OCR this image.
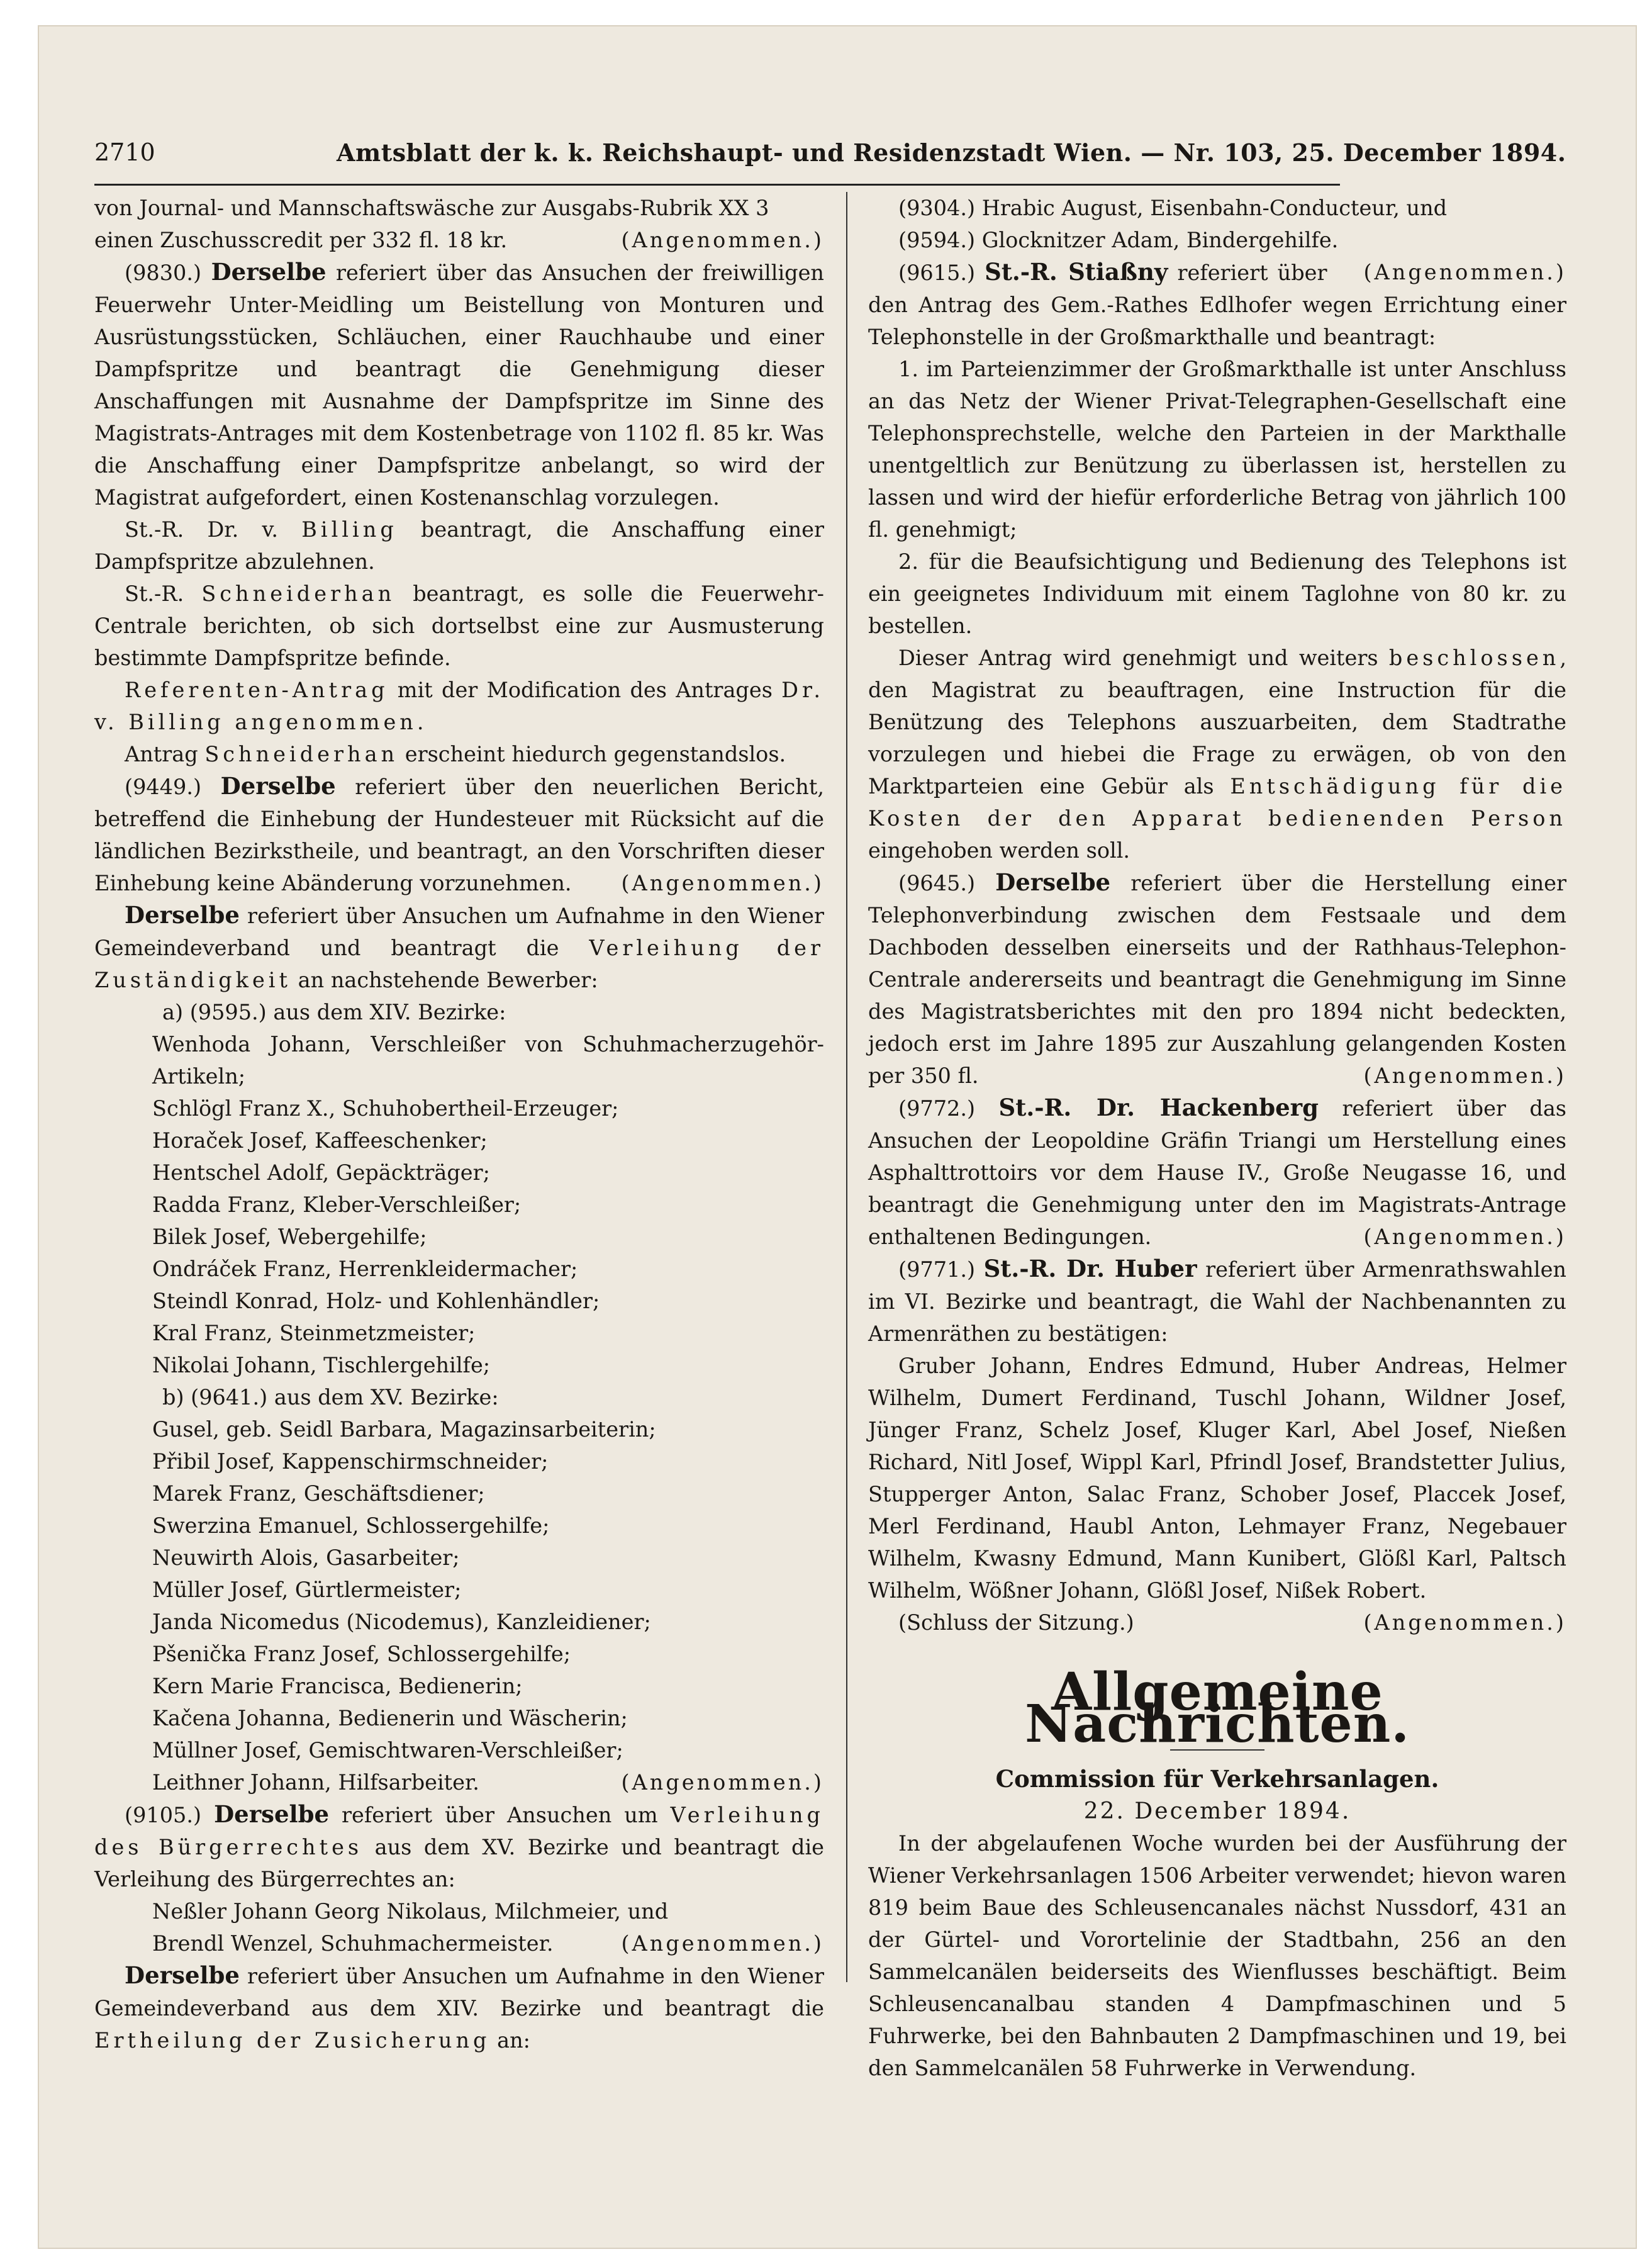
2710	Amtsblatt der k. k. Reichshaupt- und Residenzstadt Wien. — Nr. 103, 25. December 1894.

von Journal- und Mannschaftswäsche zur Ausgabs-Rubrik XX 3

einen Zuschusscredit per 332 fl. 18 kr.	(Angenommen.)

(9830.) Derselbe referiert über das Ansuchen der freiwilligen Feuerwehr Unter-Meidling um Beistellung von Monturen und Ausrüstungsstücken, Schläuchen, einer Rauchhaube und einer Dampfspritze und beantragt die Genehmigung dieser Anschaffungen mit Ausnahme der Dampfspritze im Sinne des Magistrats-Antrages mit dem Kostenbetrage von 1102 fl. 85 kr. Was die Anschaffung einer Dampfspritze anbelangt, so wird der Magistrat aufgefordert, einen Kostenanschlag vorzulegen.

St.-R. Dr. v. Billing beantragt, die Anschaffung einer Dampfspritze abzulehnen.

St.-R. Schneiderhan beantragt, es solle die Feuerwehr-Centrale berichten, ob sich dortselbst eine zur Ausmusterung bestimmte Dampfspritze befinde.

Referenten-Antrag mit der Modification des Antrages Dr. v. Billing angenommen.

Antrag Schneiderhan erscheint hiedurch gegenstandslos.

(9449.) Derselbe referiert über den neuerlichen Bericht, betreffend die Einhebung der Hundesteuer mit Rücksicht auf die ländlichen Bezirkstheile, und beantragt, an den Vorschriften dieser Einhebung keine Abänderung vorzunehmen.	(Angenommen.)

Derselbe referiert über Ansuchen um Aufnahme in den Wiener Gemeindeverband und beantragt die Verleihung der Zuständigkeit an nachstehende Bewerber:

a) (9595.) aus dem XIV. Bezirke:

Wenhoda Johann, Verschleißer von Schuhmacherzugehör-Artikeln;

Schlögl Franz X., Schuhobertheil-Erzeuger;

Horaček Josef, Kaffeeschenker;

Hentschel Adolf, Gepäckträger;

Radda Franz, Kleber-Verschleißer;

Bilek Josef, Webergehilfe;

Ondráček Franz, Herrenkleidermacher;

Steindl Konrad, Holz- und Kohlenhändler;

Kral Franz, Steinmetzmeister;

Nikolai Johann, Tischlergehilfe;

b) (9641.) aus dem XV. Bezirke:

Gusel, geb. Seidl Barbara, Magazinsarbeiterin;

Přibil Josef, Kappenschirmschneider;

Marek Franz, Geschäftsdiener;

Swerzina Emanuel, Schlossergehilfe;

Neuwirth Alois, Gasarbeiter;

Müller Josef, Gürtlermeister;

Janda Nicomedus (Nicodemus), Kanzleidiener;

Pšenička Franz Josef, Schlossergehilfe;

Kern Marie Francisca, Bedienerin;

Kačena Johanna, Bedienerin und Wäscherin;

Müllner Josef, Gemischtwaren-Verschleißer;

Leithner Johann, Hilfsarbeiter.	(Angenommen.)

(9105.) Derselbe referiert über Ansuchen um Verleihung des Bürgerrechtes aus dem XV. Bezirke und beantragt die Verleihung des Bürgerrechtes an:

Neßler Johann Georg Nikolaus, Milchmeier, und

Brendl Wenzel, Schuhmachermeister.	(Angenommen.)

Derselbe referiert über Ansuchen um Aufnahme in den Wiener Gemeindeverband aus dem XIV. Bezirke und beantragt die Ertheilung der Zusicherung an:

(9304.) Hrabic August, Eisenbahn-Conducteur, und

(9594.) Glocknitzer Adam, Bindergehilfe.
(Angenommen.)

(9615.) St.-R. Stiaßny referiert über den Antrag des Gem.-Rathes Edlhofer wegen Errichtung einer Telephonstelle in der Großmarkthalle und beantragt:

1. im Parteienzimmer der Großmarkthalle ist unter Anschluss an das Netz der Wiener Privat-Telegraphen-Gesellschaft eine Telephonsprechstelle, welche den Parteien in der Markthalle unentgeltlich zur Benützung zu überlassen ist, herstellen zu lassen und wird der hiefür erforderliche Betrag von jährlich 100 fl. genehmigt;

2. für die Beaufsichtigung und Bedienung des Telephons ist ein geeignetes Individuum mit einem Taglohne von 80 kr. zu bestellen.

Dieser Antrag wird genehmigt und weiters beschlossen, den Magistrat zu beauftragen, eine Instruction für die Benützung des Telephons auszuarbeiten, dem Stadtrathe vorzulegen und hiebei die Frage zu erwägen, ob von den Marktparteien eine Gebür als Entschädigung für die Kosten der den Apparat bedienenden Person eingehoben werden soll.

(9645.) Derselbe referiert über die Herstellung einer Telephonverbindung zwischen dem Festsaale und dem Dachboden desselben einerseits und der Rathhaus-Telephon-Centrale andererseits und beantragt die Genehmigung im Sinne des Magistratsberichtes mit den pro 1894 nicht bedeckten, jedoch erst im Jahre 1895 zur Auszahlung gelangenden Kosten per 350 fl.	(Angenommen.)

(9772.) St.-R. Dr. Hackenberg referiert über das Ansuchen der Leopoldine Gräfin Triangi um Herstellung eines Asphalttrottoirs vor dem Hause IV., Große Neugasse 16, und beantragt die Genehmigung unter den im Magistrats-Antrage enthaltenen Bedingungen.	(Angenommen.)

(9771.) St.-R. Dr. Huber referiert über Armenrathswahlen im VI. Bezirke und beantragt, die Wahl der Nachbenannten zu Armenräthen zu bestätigen:

Gruber Johann, Endres Edmund, Huber Andreas, Helmer Wilhelm, Dumert Ferdinand, Tuschl Johann, Wildner Josef, Jünger Franz, Schelz Josef, Kluger Karl, Abel Josef, Nießen Richard, Nitl Josef, Wippl Karl, Pfrindl Josef, Brandstetter Julius, Stupperger Anton, Salac Franz, Schober Josef, Placcek Josef, Merl Ferdinand, Haubl Anton, Lehmayer Franz, Negebauer Wilhelm, Kwasny Edmund, Mann Kunibert, Glößl Karl, Paltsch Wilhelm, Wößner Johann, Glößl Josef, Nißek Robert.
(Angenommen.)

(Schluss der Sitzung.)

Allgemeine Nachrichten.
Commission für Verkehrsanlagen.
22. December 1894.

In der abgelaufenen Woche wurden bei der Ausführung der Wiener Verkehrsanlagen 1506 Arbeiter verwendet; hievon waren 819 beim Baue des Schleusencanales nächst Nussdorf, 431 an der Gürtel- und Vorortelinie der Stadtbahn, 256 an den Sammelcanälen beiderseits des Wienflusses beschäftigt. Beim Schleusencanalbau standen 4 Dampfmaschinen und 5 Fuhrwerke, bei den Bahnbauten 2 Dampfmaschinen und 19, bei den Sammelcanälen 58 Fuhrwerke in Verwendung.
